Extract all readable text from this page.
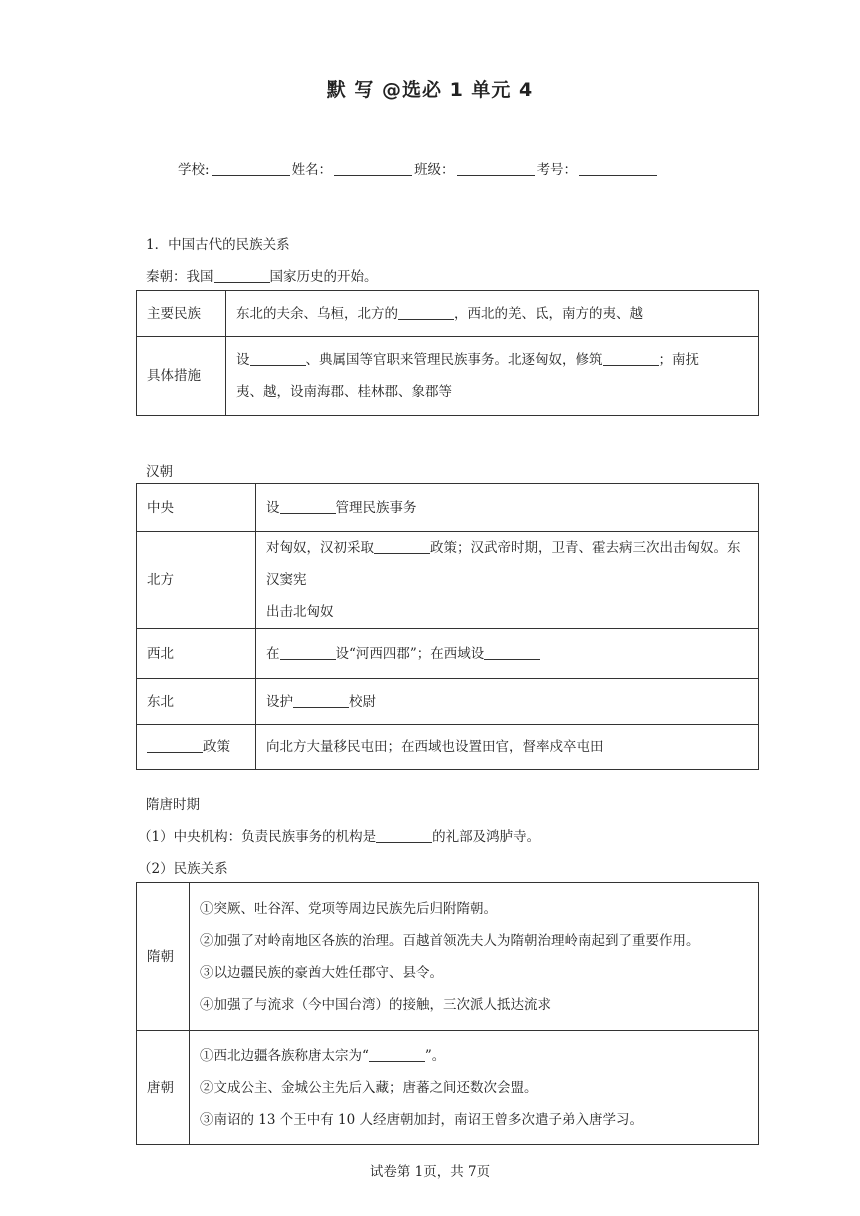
默 写 @选必 1 单元 4
学校:	姓名：	班级：	考号：
1．中国古代的民族关系
秦朝：我国	国家历史的开始。
主要民族	东北的夫余、乌桓，北方的 ，西北的羌、氐，南方的夷、越
具体措施	设 、典属国等官职来管理民族事务。北逐匈奴，修筑 ；南抚
夷、越，设南海郡、桂林郡、象郡等
汉朝
中央	设 管理民族事务
北方	对匈奴，汉初采取 政策；汉武帝时期，卫青、霍去病三次出击匈奴。东汉窦宪
出击北匈奴

西北	在 设“河西四郡”；在西域设
东北	设护 校尉
政策	向北方大量移民屯田；在西域也设置田官，督率戍卒屯田
隋唐时期
（1）中央机构：负责民族事务的机构是	的礼部及鸿胪寺。
（2）民族关系
隋朝	①突厥、吐谷浑、党项等周边民族先后归附隋朝。
②加强了对岭南地区各族的治理。百越首领冼夫人为隋朝治理岭南起到了重要作用。
③以边疆民族的豪酋大姓任郡守、县令。
④加强了与流求（今中国台湾）的接触，三次派人抵达流求

唐朝	①西北边疆各族称唐太宗为“ ”。
②文成公主、金城公主先后入藏；唐蕃之间还数次会盟。
③南诏的 13 个王中有 10 人经唐朝加封，南诏王曾多次遣子弟入唐学习。
试卷第 1页，共 7页
